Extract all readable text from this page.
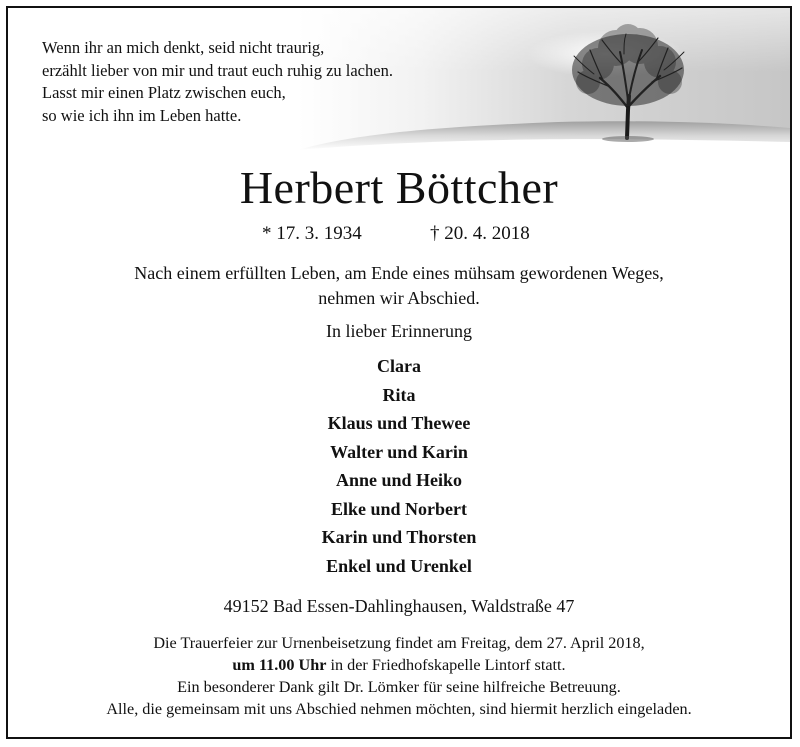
Wenn ihr an mich denkt, seid nicht traurig,
erzählt lieber von mir und traut euch ruhig zu lachen.
Lasst mir einen Platz zwischen euch,
so wie ich ihn im Leben hatte.
Herbert Böttcher
* 17. 3. 1934	† 20. 4. 2018
Nach einem erfüllten Leben, am Ende eines mühsam gewordenen Weges,
nehmen wir Abschied.
In lieber Erinnerung
Clara
Rita
Klaus und Thewee
Walter und Karin
Anne und Heiko
Elke und Norbert
Karin und Thorsten
Enkel und Urenkel
49152 Bad Essen-Dahlinghausen, Waldstraße 47
Die Trauerfeier zur Urnenbeisetzung findet am Freitag, dem 27. April 2018,
um 11.00 Uhr in der Friedhofskapelle Lintorf statt.
Ein besonderer Dank gilt Dr. Lömker für seine hilfreiche Betreuung.
Alle, die gemeinsam mit uns Abschied nehmen möchten, sind hiermit herzlich eingeladen.
